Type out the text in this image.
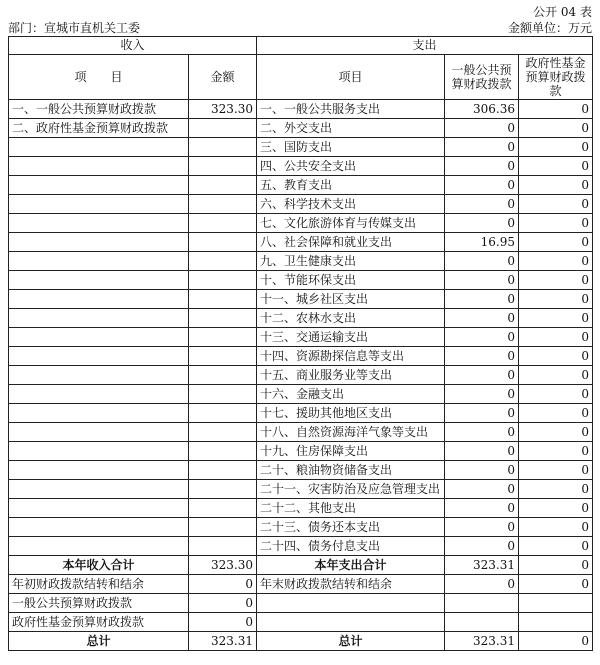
公开 04 表
部门：宣城市直机关工委	金额单位：万元
收入		支出		
项　　目	金额	项目	一般公共预算财政拨款	政府性基金预算财政拨款
一、一般公共预算财政拨款	323.30	一、一般公共服务支出	306.36	0
二、政府性基金预算财政拨款		二、外交支出	0	0
		三、国防支出	0	0
		四、公共安全支出	0	0
		五、教育支出	0	0
		六、科学技术支出	0	0
		七、文化旅游体育与传媒支出	0	0
		八、社会保障和就业支出	16.95	0
		九、卫生健康支出	0	0
		十、节能环保支出	0	0
		十一、城乡社区支出	0	0
		十二、农林水支出	0	0
		十三、交通运输支出	0	0
		十四、资源勘探信息等支出	0	0
		十五、商业服务业等支出	0	0
		十六、金融支出	0	0
		十七、援助其他地区支出	0	0
		十八、自然资源海洋气象等支出	0	0
		十九、住房保障支出	0	0
		二十、粮油物资储备支出	0	0
		二十一、灾害防治及应急管理支出	0	0
		二十二、其他支出	0	0
		二十三、债务还本支出	0	0
		二十四、债务付息支出	0	0
本年收入合计	323.30	本年支出合计	323.31	0
年初财政拨款结转和结余	0	年末财政拨款结转和结余	0	0
一般公共预算财政拨款	0			
政府性基金预算财政拨款	0			
总计	323.31	总计	323.31	0
